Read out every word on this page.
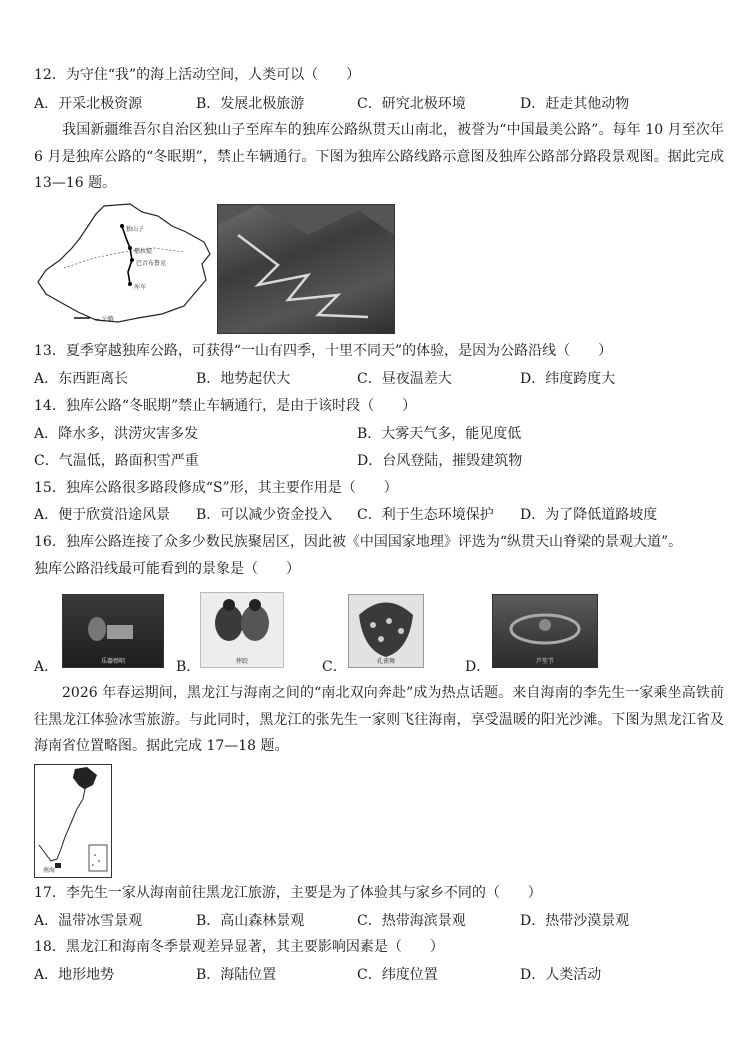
12．为守住“我”的海上活动空间，人类可以（　　）
A．开采北极资源	B．发展北极旅游	C．研究北极环境	D．赶走其他动物
我国新疆维吾尔自治区独山子至库车的独库公路纵贯天山南北，被誉为“中国最美公路”。每年 10 月至次年 6 月是独库公路的“冬眠期”，禁止车辆通行。下图为独库公路线路示意图及独库公路部分路段景观图。据此完成 13—16 题。
独山子
那拉提
巴音布鲁克
库车
— 公路
13．夏季穿越独库公路，可获得“一山有四季，十里不同天”的体验，是因为公路沿线（　　）
A．东西距离长	B．地势起伏大	C．昼夜温差大	D．纬度跨度大
14．独库公路“冬眠期”禁止车辆通行，是由于该时段（　　）
A．降水多，洪涝灾害多发	B．大雾天气多，能见度低
C．气温低，路面积雪严重	D．台风登陆，摧毁建筑物
15．独库公路很多路段修成“S”形，其主要作用是（　　）
A．便于欣赏沿途风景 B．可以减少资金投入 C．利于生态环境保护 D．为了降低道路坡度
16．独库公路连接了众多少数民族聚居区，因此被《中国国家地理》评选为“纵贯天山脊梁的景观大道”。
独库公路沿线最可能看到的景象是（　　）
A．	乐器弹唱	B．	摔跤	C．	孔雀舞	D．	芦笙节
2026 年春运期间，黑龙江与海南之间的“南北双向奔赴”成为热点话题。来自海南的李先生一家乘坐高铁前往黑龙江体验冰雪旅游。与此同时，黑龙江的张先生一家则飞往海南，享受温暖的阳光沙滩。下图为黑龙江省及海南省位置略图。据此完成 17—18 题。
南海
17．李先生一家从海南前往黑龙江旅游，主要是为了体验其与家乡不同的（　　）
A．温带冰雪景观	B．高山森林景观	C．热带海滨景观	D．热带沙漠景观
18．黑龙江和海南冬季景观差异显著，其主要影响因素是（　　）
A．地形地势	B．海陆位置	C．纬度位置	D．人类活动
